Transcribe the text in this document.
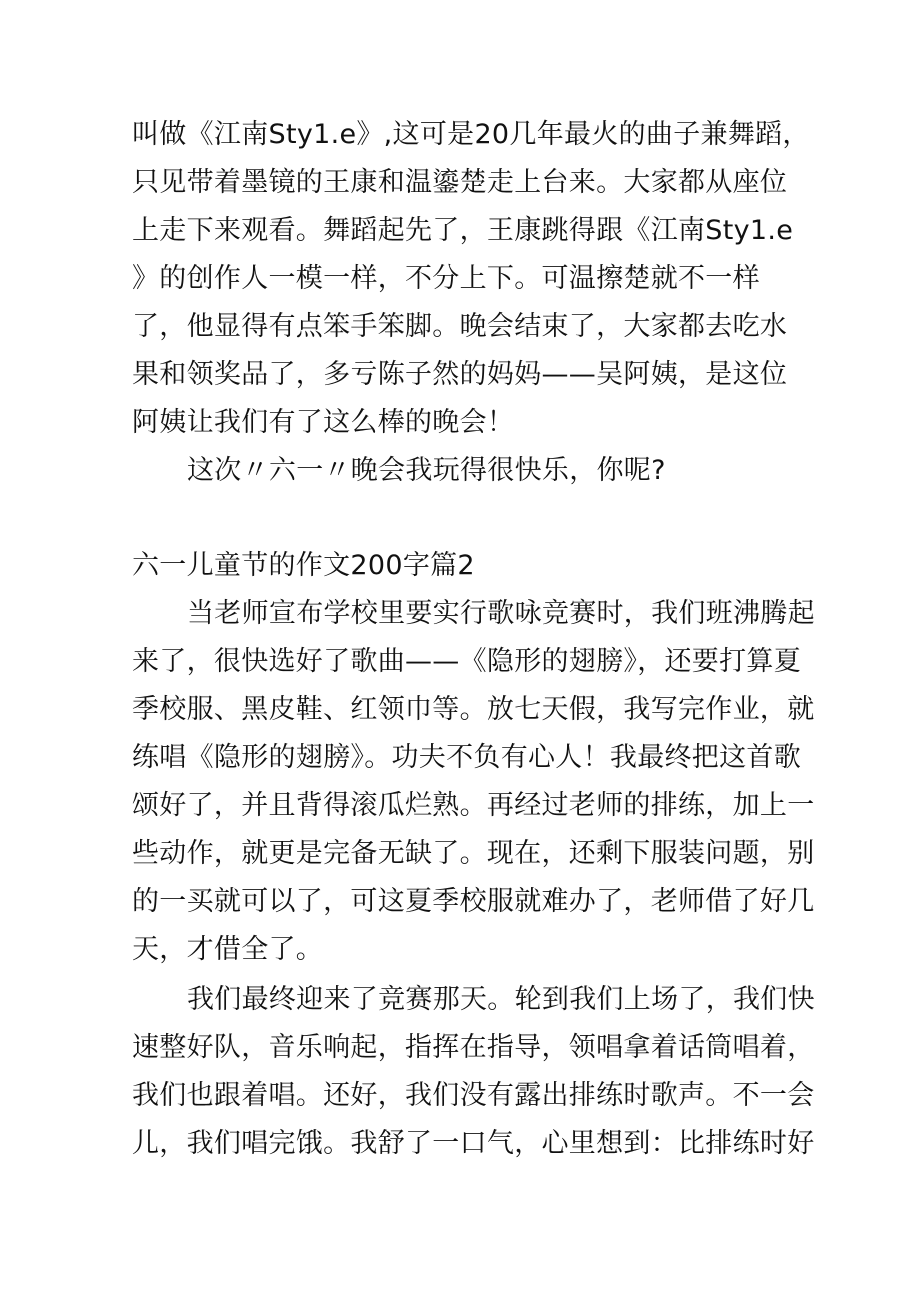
叫做《江南Sty1.e》,这可是20几年最火的曲子兼舞蹈，
只见带着墨镜的王康和温鎏楚走上台来。大家都从座位
上走下来观看。舞蹈起先了，王康跳得跟《江南Sty1.e
》的创作人一模一样，不分上下。可温擦楚就不一样
了，他显得有点笨手笨脚。晚会结束了，大家都去吃水
果和领奖品了，多亏陈子然的妈妈——吴阿姨，是这位
阿姨让我们有了这么棒的晚会！
这次〃六一〃晚会我玩得很快乐，你呢?
六一儿童节的作文200字篇2
当老师宣布学校里要实行歌咏竞赛时，我们班沸腾起
来了，很快选好了歌曲——《隐形的翅膀》，还要打算夏
季校服、黑皮鞋、红领巾等。放七天假，我写完作业，就
练唱《隐形的翅膀》。功夫不负有心人！我最终把这首歌
颂好了，并且背得滚瓜烂熟。再经过老师的排练，加上一
些动作，就更是完备无缺了。现在，还剩下服装问题，别
的一买就可以了，可这夏季校服就难办了，老师借了好几
天，才借全了。
我们最终迎来了竞赛那天。轮到我们上场了，我们快
速整好队，音乐响起，指挥在指导，领唱拿着话筒唱着，
我们也跟着唱。还好，我们没有露出排练时歌声。不一会
儿，我们唱完饿。我舒了一口气，心里想到：比排练时好
